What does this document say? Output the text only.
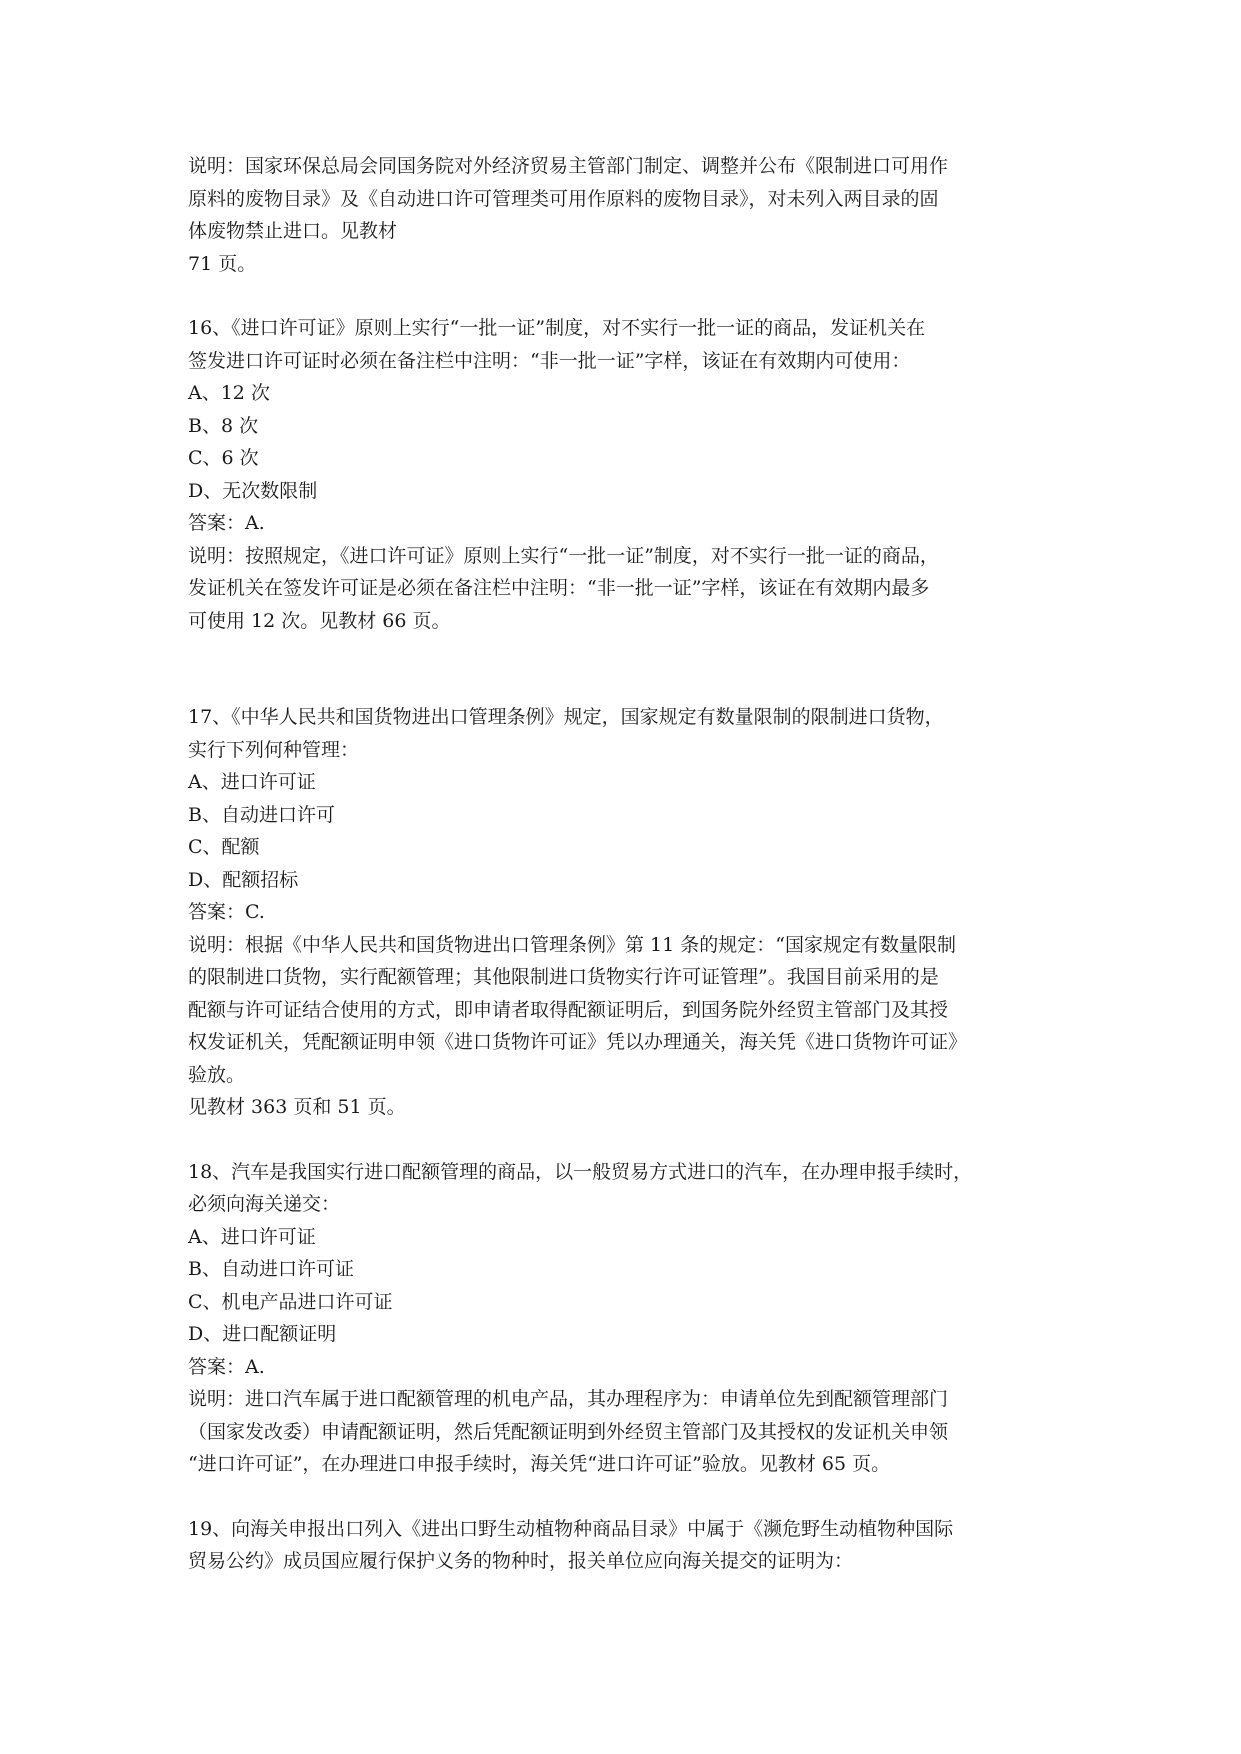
说明：国家环保总局会同国务院对外经济贸易主管部门制定、调整并公布《限制进口可用作
原料的废物目录》及《自动进口许可管理类可用作原料的废物目录》，对未列入两目录的固
体废物禁止进口。见教材
71 页。
16、《进口许可证》原则上实行“一批一证”制度，对不实行一批一证的商品，发证机关在
签发进口许可证时必须在备注栏中注明：“非一批一证”字样，该证在有效期内可使用：
A、12 次
B、8 次
C、6 次
D、无次数限制
答案：A.
说明：按照规定，《进口许可证》原则上实行“一批一证”制度，对不实行一批一证的商品，
发证机关在签发许可证是必须在备注栏中注明：“非一批一证”字样，该证在有效期内最多
可使用 12 次。见教材 66 页。
17、《中华人民共和国货物进出口管理条例》规定，国家规定有数量限制的限制进口货物，
实行下列何种管理：
A、进口许可证
B、自动进口许可
C、配额
D、配额招标
答案：C.
说明：根据《中华人民共和国货物进出口管理条例》第 11 条的规定：“国家规定有数量限制
的限制进口货物，实行配额管理；其他限制进口货物实行许可证管理”。我国目前采用的是
配额与许可证结合使用的方式，即申请者取得配额证明后，到国务院外经贸主管部门及其授
权发证机关，凭配额证明申领《进口货物许可证》凭以办理通关，海关凭《进口货物许可证》
验放。
见教材 363 页和 51 页。
18、汽车是我国实行进口配额管理的商品，以一般贸易方式进口的汽车，在办理申报手续时，
必须向海关递交：
A、进口许可证
B、自动进口许可证
C、机电产品进口许可证
D、进口配额证明
答案：A.
说明：进口汽车属于进口配额管理的机电产品，其办理程序为：申请单位先到配额管理部门
（国家发改委）申请配额证明，然后凭配额证明到外经贸主管部门及其授权的发证机关申领
“进口许可证”，在办理进口申报手续时，海关凭“进口许可证”验放。见教材 65 页。
19、向海关申报出口列入《进出口野生动植物种商品目录》中属于《濒危野生动植物种国际
贸易公约》成员国应履行保护义务的物种时，报关单位应向海关提交的证明为：
